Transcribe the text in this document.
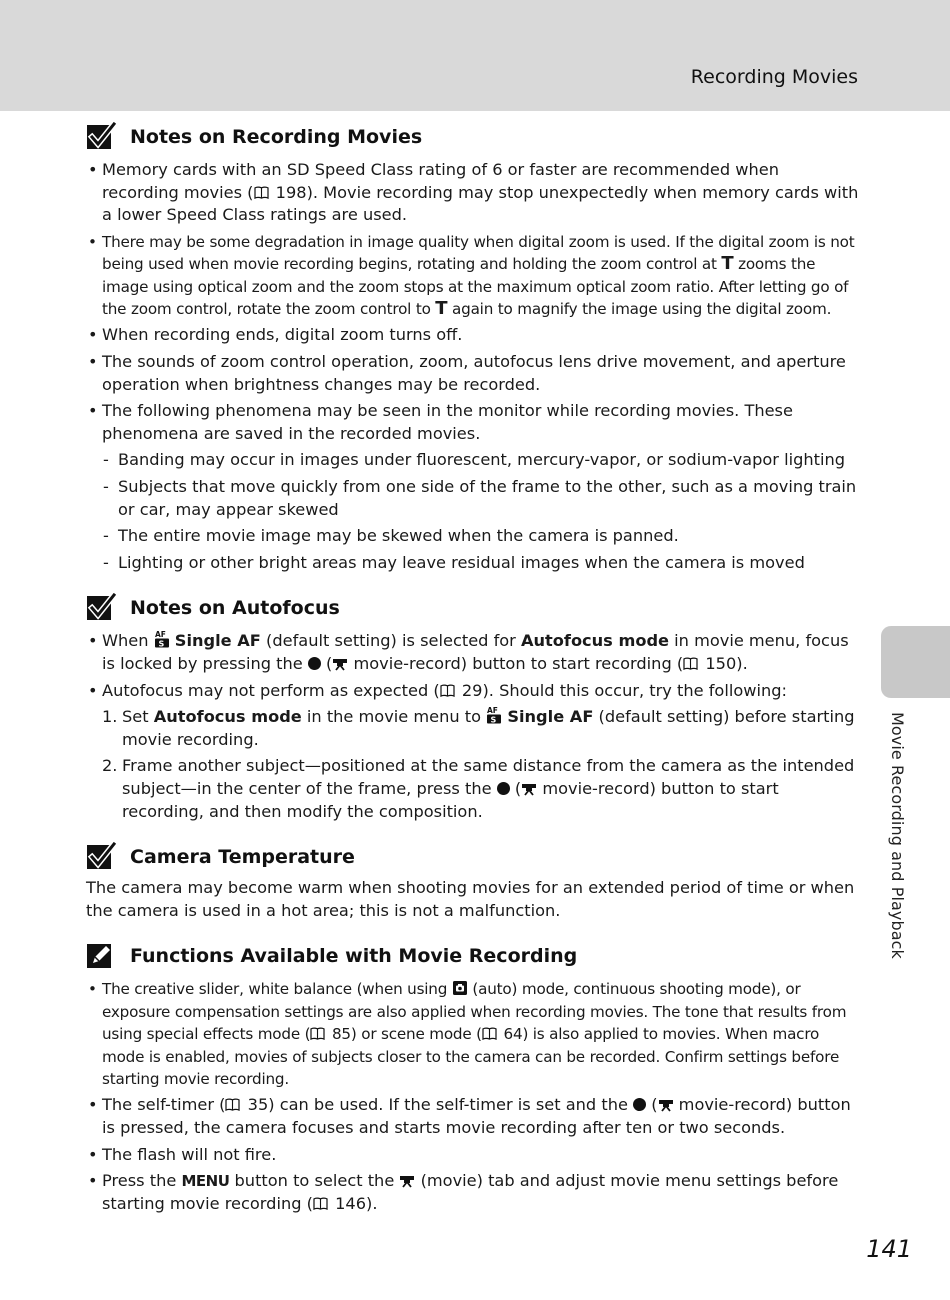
Recording Movies
Movie Recording and Playback
Notes on Recording Movies
• Memory cards with an SD Speed Class rating of 6 or faster are recommended when recording movies ( 198). Movie recording may stop unexpectedly when memory cards with a lower Speed Class ratings are used.
• There may be some degradation in image quality when digital zoom is used. If the digital zoom is not being used when movie recording begins, rotating and holding the zoom control at T zooms the image using optical zoom and the zoom stops at the maximum optical zoom ratio. After letting go of the zoom control, rotate the zoom control to T again to magnify the image using the digital zoom.
• When recording ends, digital zoom turns off.
• The sounds of zoom control operation, zoom, autofocus lens drive movement, and aperture operation when brightness changes may be recorded.
• The following phenomena may be seen in the monitor while recording movies. These phenomena are saved in the recorded movies.
- Banding may occur in images under fluorescent, mercury-vapor, or sodium-vapor lighting
- Subjects that move quickly from one side of the frame to the other, such as a moving train or car, may appear skewed
- The entire movie image may be skewed when the camera is panned.
- Lighting or other bright areas may leave residual images when the camera is moved
Notes on Autofocus
• When  Single AF (default setting) is selected for Autofocus mode in movie menu, focus is locked by pressing the  ( movie-record) button to start recording ( 150).
• Autofocus may not perform as expected ( 29). Should this occur, try the following:
1. Set Autofocus mode in the movie menu to  Single AF (default setting) before starting movie recording.
2. Frame another subject—positioned at the same distance from the camera as the intended subject—in the center of the frame, press the  ( movie-record) button to start recording, and then modify the composition.
Camera Temperature

The camera may become warm when shooting movies for an extended period of time or when the camera is used in a hot area; this is not a malfunction.

Functions Available with Movie Recording
• The creative slider, white balance (when using  (auto) mode, continuous shooting mode), or exposure compensation settings are also applied when recording movies. The tone that results from using special effects mode ( 85) or scene mode ( 64) is also applied to movies. When macro mode is enabled, movies of subjects closer to the camera can be recorded. Confirm settings before starting movie recording.
• The self-timer ( 35) can be used. If the self-timer is set and the  ( movie-record) button is pressed, the camera focuses and starts movie recording after ten or two seconds.
• The flash will not fire.
• Press the MENU button to select the  (movie) tab and adjust movie menu settings before starting movie recording ( 146).
141
